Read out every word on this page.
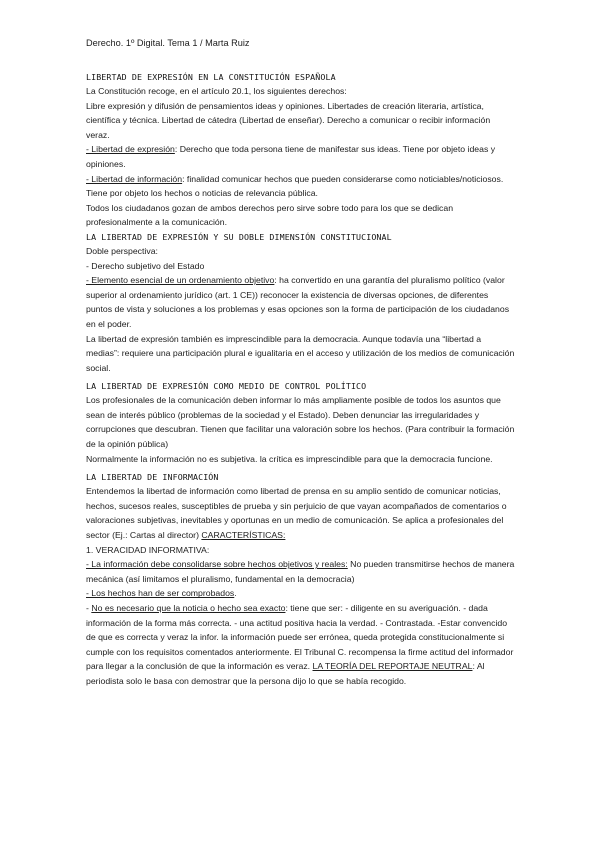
Derecho. 1º Digital. Tema 1 / Marta Ruiz
LIBERTAD DE EXPRESIÓN EN LA CONSTITUCIÓN ESPAÑOLA

La Constitución recoge, en el artículo 20.1, los siguientes derechos:

Libre expresión y difusión de pensamientos ideas y opiniones. Libertades de creación literaria, artística, científica y técnica. Libertad de cátedra (Libertad de enseñar). Derecho a comunicar o recibir información veraz.

- Libertad de expresión: Derecho que toda persona tiene de manifestar sus ideas. Tiene por objeto ideas y opiniones.

- Libertad de información: finalidad comunicar hechos que pueden considerarse como noticiables/noticiosos. Tiene por objeto los hechos o noticias de relevancia pública.

Todos los ciudadanos gozan de ambos derechos pero sirve sobre todo para los que se dedican profesionalmente a la comunicación.

LA LIBERTAD DE EXPRESIÓN Y SU DOBLE DIMENSIÓN CONSTITUCIONAL

Doble perspectiva:

- Derecho subjetivo del Estado

- Elemento esencial de un ordenamiento objetivo: ha convertido en una garantía del pluralismo político (valor superior al ordenamiento jurídico (art. 1 CE)) reconocer la existencia de diversas opciones, de diferentes puntos de vista y soluciones a los problemas y esas opciones son la forma de participación de los ciudadanos en el poder.

La libertad de expresión también es imprescindible para la democracia. Aunque todavía una “libertad a medias”: requiere una participación plural e igualitaria en el acceso y utilización de los medios de comunicación social.

LA LIBERTAD DE EXPRESIÓN COMO MEDIO DE CONTROL POLÍTICO

Los profesionales de la comunicación deben informar lo más ampliamente posible de todos los asuntos que sean de interés público (problemas de la sociedad y el Estado). Deben denunciar las irregularidades y corrupciones que descubran. Tienen que facilitar una valoración sobre los hechos. (Para contribuir la formación de la opinión pública)

Normalmente la información no es subjetiva. la crítica es imprescindible para que la democracia funcione.

LA LIBERTAD DE INFORMACIÓN

Entendemos la libertad de información como libertad de prensa en su amplio sentido de comunicar noticias, hechos, sucesos reales, susceptibles de prueba y sin perjuicio de que vayan acompañados de comentarios o valoraciones subjetivas, inevitables y oportunas en un medio de comunicación. Se aplica a profesionales del sector (Ej.: Cartas al director) CARACTERÍSTICAS:

1. VERACIDAD INFORMATIVA:

- La información debe consolidarse sobre hechos objetivos y reales: No pueden transmitirse hechos de manera mecánica (así limitamos el pluralismo, fundamental en la democracia)

- Los hechos han de ser comprobados.

- No es necesario que la noticia o hecho sea exacto: tiene que ser: - diligente en su averiguación. - dada información de la forma más correcta. - una actitud positiva hacia la verdad. - Contrastada. -Estar convencido de que es correcta y veraz la infor. la información puede ser errónea, queda protegida constitucionalmente si cumple con los requisitos comentados anteriormente. El Tribunal C. recompensa la firme actitud del informador para llegar a la conclusión de que la información es veraz. LA TEORÍA DEL REPORTAJE NEUTRAL: Al periodista solo le basa con demostrar que la persona dijo lo que se había recogido.
